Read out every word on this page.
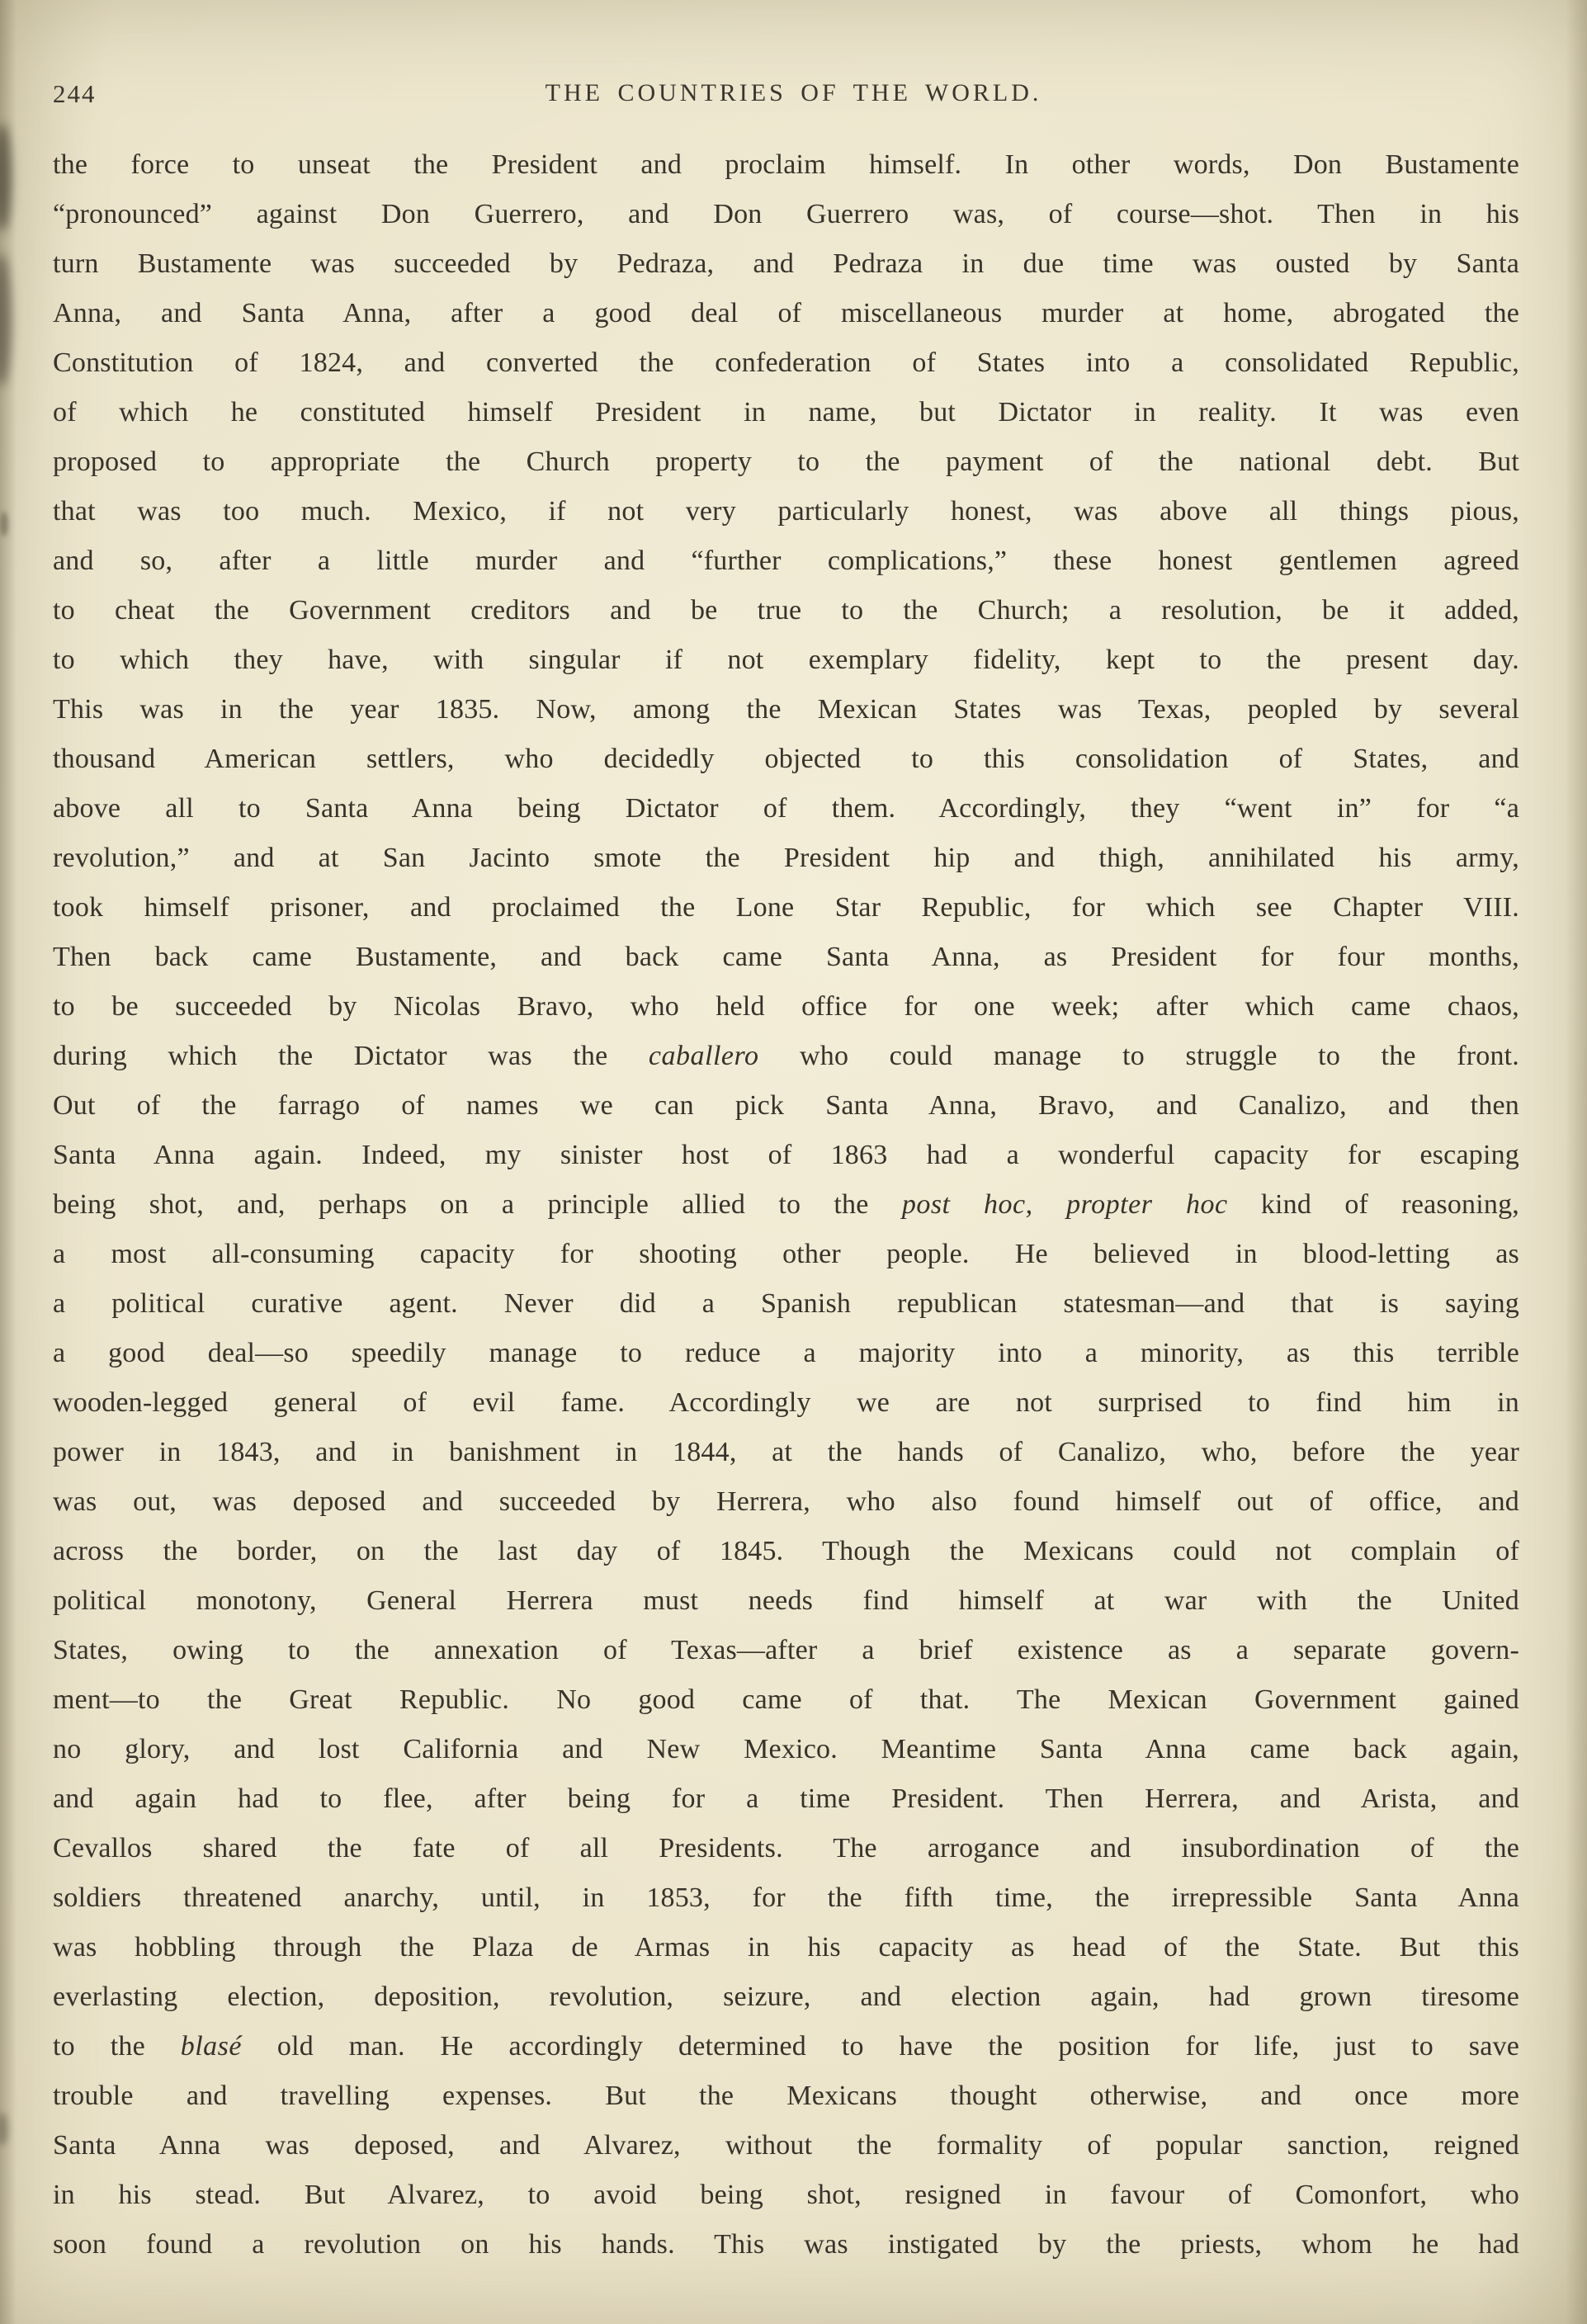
244	THE COUNTRIES OF THE WORLD.
the force to unseat the President and proclaim himself. In other words, Don Bustamente
“pronounced” against Don Guerrero, and Don Guerrero was, of course—shot. Then in his
turn Bustamente was succeeded by Pedraza, and Pedraza in due time was ousted by Santa
Anna, and Santa Anna, after a good deal of miscellaneous murder at home, abrogated the
Constitution of 1824, and converted the confederation of States into a consolidated Republic,
of which he constituted himself President in name, but Dictator in reality. It was even
proposed to appropriate the Church property to the payment of the national debt. But
that was too much. Mexico, if not very particularly honest, was above all things pious,
and so, after a little murder and “further complications,” these honest gentlemen agreed
to cheat the Government creditors and be true to the Church; a resolution, be it added,
to which they have, with singular if not exemplary fidelity, kept to the present day.
This was in the year 1835. Now, among the Mexican States was Texas, peopled by several
thousand American settlers, who decidedly objected to this consolidation of States, and
above all to Santa Anna being Dictator of them. Accordingly, they “went in” for “a
revolution,” and at San Jacinto smote the President hip and thigh, annihilated his army,
took himself prisoner, and proclaimed the Lone Star Republic, for which see Chapter VIII.
Then back came Bustamente, and back came Santa Anna, as President for four months,
to be succeeded by Nicolas Bravo, who held office for one week; after which came chaos,
during which the Dictator was the caballero who could manage to struggle to the front.
Out of the farrago of names we can pick Santa Anna, Bravo, and Canalizo, and then
Santa Anna again. Indeed, my sinister host of 1863 had a wonderful capacity for escaping
being shot, and, perhaps on a principle allied to the post hoc, propter hoc kind of reasoning,
a most all-consuming capacity for shooting other people. He believed in blood-letting as
a political curative agent. Never did a Spanish republican statesman—and that is saying
a good deal—so speedily manage to reduce a majority into a minority, as this terrible
wooden-legged general of evil fame. Accordingly we are not surprised to find him in
power in 1843, and in banishment in 1844, at the hands of Canalizo, who, before the year
was out, was deposed and succeeded by Herrera, who also found himself out of office, and
across the border, on the last day of 1845. Though the Mexicans could not complain of
political monotony, General Herrera must needs find himself at war with the United
States, owing to the annexation of Texas—after a brief existence as a separate govern-
ment—to the Great Republic. No good came of that. The Mexican Government gained
no glory, and lost California and New Mexico. Meantime Santa Anna came back again,
and again had to flee, after being for a time President. Then Herrera, and Arista, and
Cevallos shared the fate of all Presidents. The arrogance and insubordination of the
soldiers threatened anarchy, until, in 1853, for the fifth time, the irrepressible Santa Anna
was hobbling through the Plaza de Armas in his capacity as head of the State. But this
everlasting election, deposition, revolution, seizure, and election again, had grown tiresome
to the blasé old man. He accordingly determined to have the position for life, just to save
trouble and travelling expenses. But the Mexicans thought otherwise, and once more
Santa Anna was deposed, and Alvarez, without the formality of popular sanction, reigned
in his stead. But Alvarez, to avoid being shot, resigned in favour of Comonfort, who
soon found a revolution on his hands. This was instigated by the priests, whom he had
